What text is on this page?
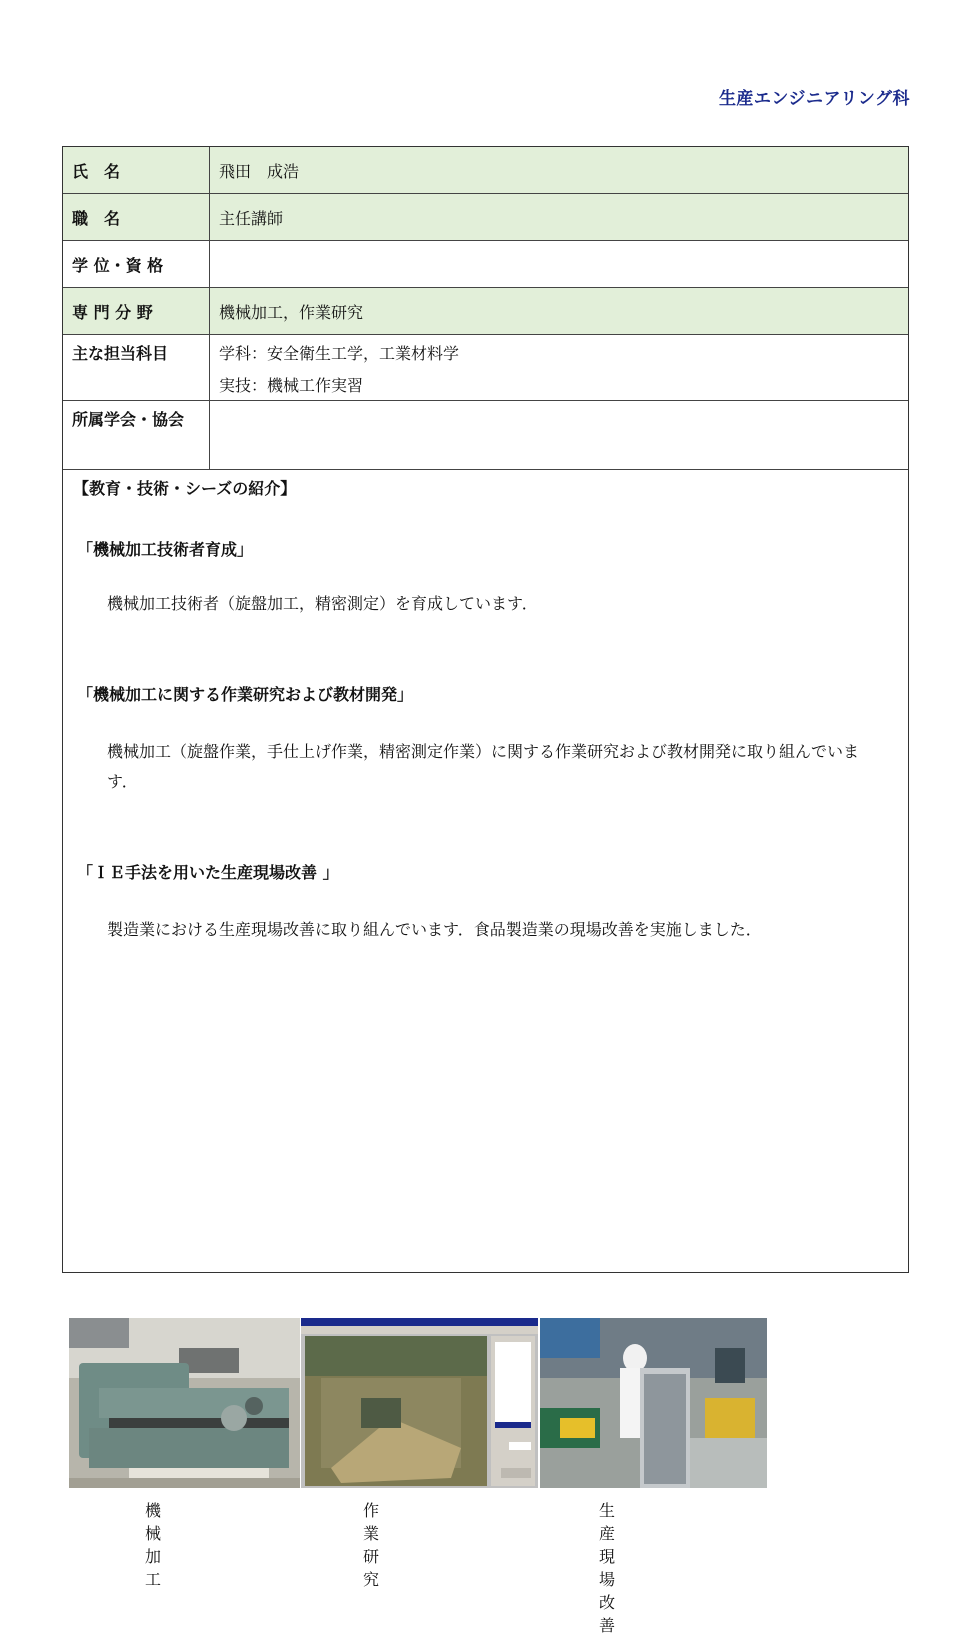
生産エンジニアリング科
氏　名	飛田　成浩
職　名	主任講師
学 位・資 格	
専 門 分 野	機械加工，作業研究
主な担当科目	学科：安全衛生工学，工業材料学
実技：機械工作実習

所属学会・協会	
【教育・技術・シーズの紹介】
「機械加工技術者育成」
機械加工技術者（旋盤加工，精密測定）を育成しています．
「機械加工に関する作業研究および教材開発」
機械加工（旋盤作業，手仕上げ作業，精密測定作業）に関する作業研究および教材開発に取り組んでいます．
「ＩＥ手法を用いた生産現場改善 」
製造業における生産現場改善に取り組んでいます．食品製造業の現場改善を実施しました．
機械加工
作業研究
生産現場改善
